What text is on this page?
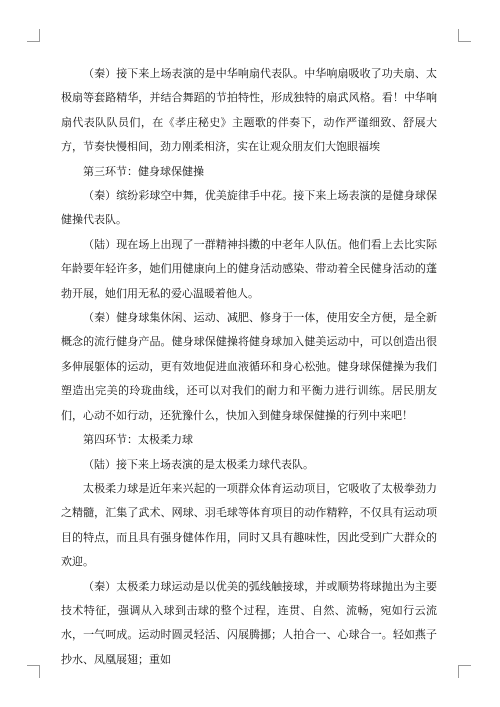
（秦）接下来上场表演的是中华响扇代表队。中华响扇吸收了功夫扇、太极扇等套路精华，并结合舞蹈的节拍特性，形成独特的扇武风格。看！中华响扇代表队队员们，在《孝庄秘史》主题歌的伴奏下，动作严谨细致、舒展大方，节奏快慢相间，劲力刚柔相济，实在让观众朋友们大饱眼福埃

第三环节：健身球保健操

（秦）缤纷彩球空中舞，优美旋律手中花。接下来上场表演的是健身球保健操代表队。

（陆）现在场上出现了一群精神抖擞的中老年人队伍。他们看上去比实际年龄要年轻许多，她们用健康向上的健身活动感染、带动着全民健身活动的蓬勃开展，她们用无私的爱心温暖着他人。

（秦）健身球集休闲、运动、减肥、修身于一体，使用安全方便，是全新概念的流行健身产品。健身球保健操将健身球加入健美运动中，可以创造出很多伸展躯体的运动，更有效地促进血液循环和身心松弛。健身球保健操为我们塑造出完美的玲珑曲线，还可以对我们的耐力和平衡力进行训练。居民朋友们，心动不如行动，还犹豫什么，快加入到健身球保健操的行列中来吧！

第四环节：太极柔力球

（陆）接下来上场表演的是太极柔力球代表队。

太极柔力球是近年来兴起的一项群众体育运动项目，它吸收了太极拳劲力之精髓，汇集了武术、网球、羽毛球等体育项目的动作精粹，不仅具有运动项目的特点，而且具有强身健体作用，同时又具有趣味性，因此受到广大群众的欢迎。

（秦）太极柔力球运动是以优美的弧线触接球，并或顺势将球抛出为主要技术特征，强调从入球到击球的整个过程，连贯、自然、流畅，宛如行云流水，一气呵成。运动时圆灵轻活、闪展腾挪；人拍合一、心球合一。轻如燕子抄水、凤凰展翅；重如
